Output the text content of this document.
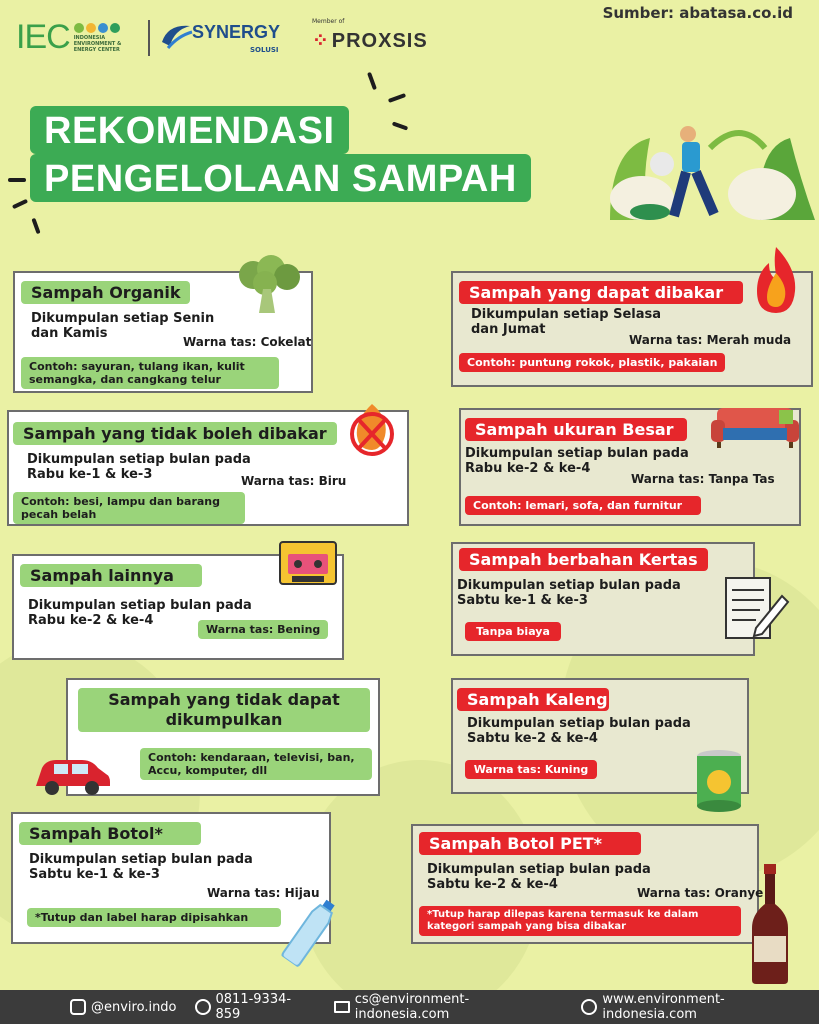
Sumber: abatasa.co.id
IEC INDONESIA ENVIRONMENT & ENERGY CENTER
SYNERGY
SOLUSI
Member of
⁘ PROXSIS
REKOMENDASI
PENGELOLAAN SAMPAH
Sampah Organik
Dikumpulan setiap Senin dan Kamis
Warna tas: Cokelat
Contoh: sayuran, tulang ikan, kulit semangka, dan cangkang telur
Sampah yang tidak boleh dibakar
Dikumpulan setiap bulan pada Rabu ke-1 & ke-3	Warna tas: Biru
Contoh: besi, lampu dan barang pecah belah
Sampah lainnya
Dikumpulan setiap bulan pada Rabu ke-2 & ke-4
Warna tas: Bening
Sampah yang tidak dapat dikumpulkan
Contoh: kendaraan, televisi, ban, Accu, komputer, dll
Sampah Botol*
Dikumpulan setiap bulan pada Sabtu ke-1 & ke-3
Warna tas: Hijau
*Tutup dan label harap dipisahkan
Sampah yang dapat dibakar
Dikumpulan setiap Selasa dan Jumat
Warna tas: Merah muda
Contoh: puntung rokok, plastik, pakaian
Sampah ukuran Besar
Dikumpulan setiap bulan pada Rabu ke-2 & ke-4
Warna tas: Tanpa Tas
Contoh: lemari, sofa, dan furnitur
Sampah berbahan Kertas
Dikumpulan setiap bulan pada Sabtu ke-1 & ke-3
Tanpa biaya
Sampah Kaleng
Dikumpulan setiap bulan pada Sabtu ke-2 & ke-4
Warna tas: Kuning
Sampah Botol PET*
Dikumpulan setiap bulan pada Sabtu ke-2 & ke-4
Warna tas: Oranye
*Tutup harap dilepas karena termasuk ke dalam kategori sampah yang bisa dibakar
@enviro.indo	0811-9334-859
cs@environment-indonesia.com
www.environment-indonesia.com
